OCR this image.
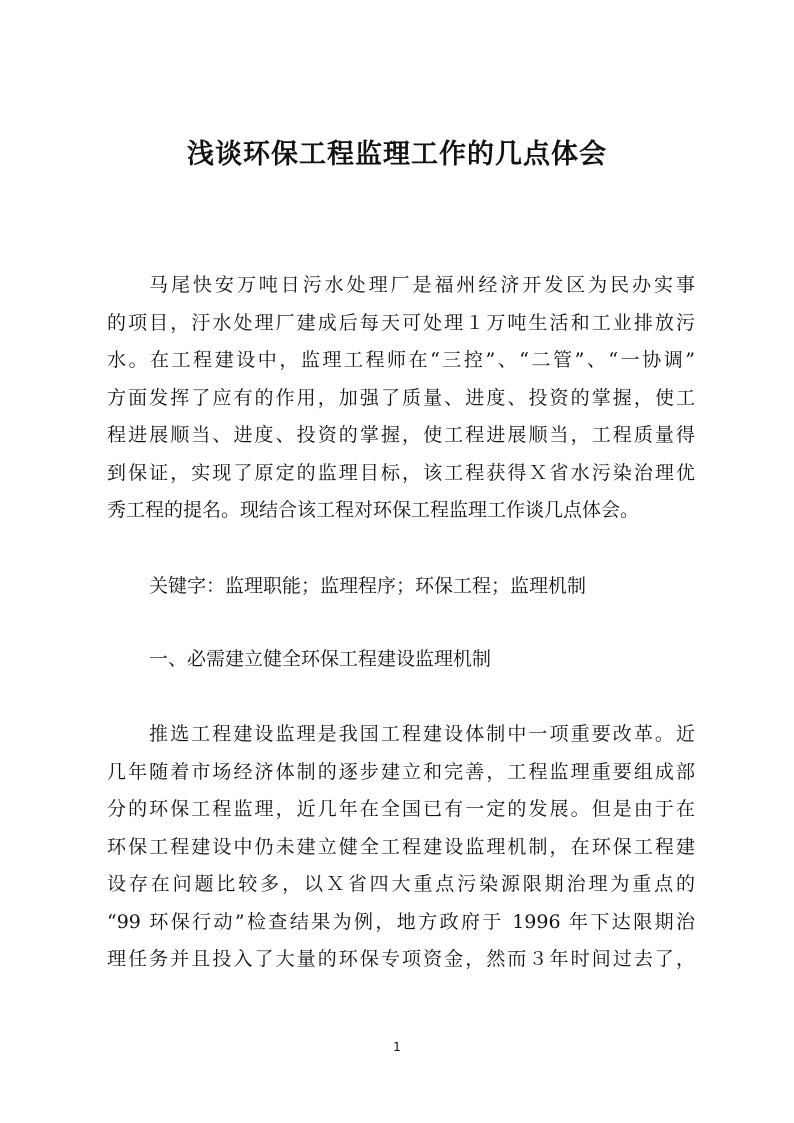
浅谈环保工程监理工作的几点体会
马尾快安万吨日污水处理厂是福州经济开发区为民办实事
的项目，汙水处理厂建成后每天可处理１万吨生活和工业排放污
水。在工程建设中，监理工程师在“三控”、“二管”、“一协调”
方面发挥了应有的作用，加强了质量、进度、投资的掌握，使工
程进展顺当、进度、投资的掌握，使工程进展顺当，工程质量得
到保证，实现了原定的监理目标，该工程获得Ｘ省水污染治理优
秀工程的提名。现结合该工程对环保工程监理工作谈几点体会。
关键字：监理职能；监理程序；环保工程；监理机制
一、必需建立健全环保工程建设监理机制
推选工程建设监理是我国工程建设体制中一项重要改革。近
几年随着市场经济体制的逐步建立和完善，工程监理重要组成部
分的环保工程监理，近几年在全国已有一定的发展。但是由于在
环保工程建设中仍未建立健全工程建设监理机制，在环保工程建
设存在问题比较多，以Ｘ省四大重点污染源限期治理为重点的
“99 环保行动”检查结果为例，地方政府于 1996 年下达限期治
理任务并且投入了大量的环保专项资金，然而３年时间过去了，
1
